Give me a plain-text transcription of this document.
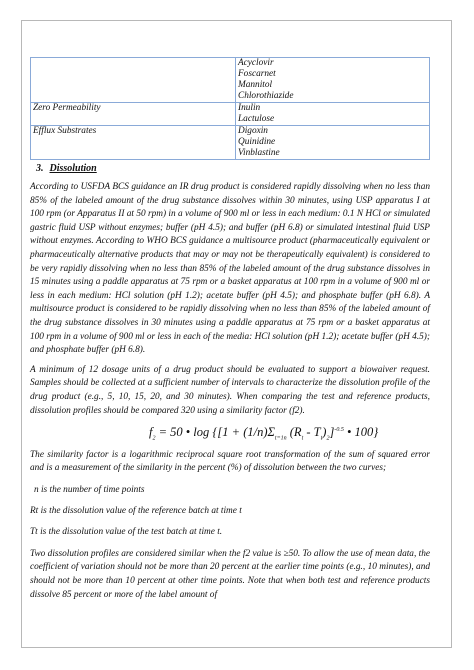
	Acyclovir
Foscarnet
Mannitol
Chlorothiazide

Zero Permeability	Inulin
Lactulose

Efflux Substrates	Digoxin
Quinidine
Vinblastine
3. Dissolution

According to USFDA BCS guidance an IR drug product is considered rapidly dissolving when no less than 85% of the labeled amount of the drug substance dissolves within 30 minutes, using USP apparatus I at 100 rpm (or Apparatus II at 50 rpm) in a volume of 900 ml or less in each medium: 0.1 N HCl or simulated gastric fluid USP without enzymes; buffer (pH 4.5); and buffer (pH 6.8) or simulated intestinal fluid USP without enzymes. According to WHO BCS guidance a multisource product (pharmaceutically equivalent or pharmaceutically alternative products that may or may not be therapeutically equivalent) is considered to be very rapidly dissolving when no less than 85% of the labeled amount of the drug substance dissolves in 15 minutes using a paddle apparatus at 75 rpm or a basket apparatus at 100 rpm in a volume of 900 ml or less in each medium: HCl solution (pH 1.2); acetate buffer (pH 4.5); and phosphate buffer (pH 6.8). A multisource product is considered to be rapidly dissolving when no less than 85% of the labeled amount of the drug substance dissolves in 30 minutes using a paddle apparatus at 75 rpm or a basket apparatus at 100 rpm in a volume of 900 ml or less in each of the media: HCl solution (pH 1.2); acetate buffer (pH 4.5); and phosphate buffer (pH 6.8).

A minimum of 12 dosage units of a drug product should be evaluated to support a biowaiver request. Samples should be collected at a sufficient number of intervals to characterize the dissolution profile of the drug product (e.g., 5, 10, 15, 20, and 30 minutes). When comparing the test and reference products, dissolution profiles should be compared 320 using a similarity factor (f2).

$f_2 = 50$ • $\log \{[1 + (1/n)\Sigma_{t=1n}$ $(R_t - T_t)_2]^{-0.5}$ • 100}

The similarity factor is a logarithmic reciprocal square root transformation of the sum of squared error and is a measurement of the similarity in the percent (%) of dissolution between the two curves;

n is the number of time points
Rt is the dissolution value of the reference batch at time t
Tt is the dissolution value of the test batch at time t.

Two dissolution profiles are considered similar when the f2 value is ≥50. To allow the use of mean data, the coefficient of variation should not be more than 20 percent at the earlier time points (e.g., 10 minutes), and should not be more than 10 percent at other time points. Note that when both test and reference products dissolve 85 percent or more of the label amount of
